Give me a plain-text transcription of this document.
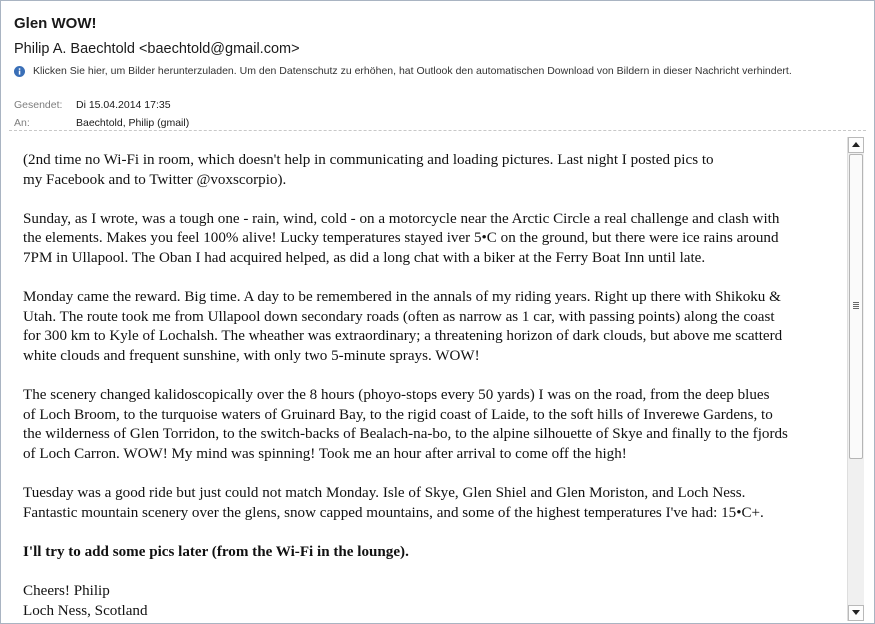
Glen WOW!
Philip A. Baechtold <baechtold@gmail.com>
Klicken Sie hier, um Bilder herunterzuladen. Um den Datenschutz zu erhöhen, hat Outlook den automatischen Download von Bildern in dieser Nachricht verhindert.
Gesendet: Di 15.04.2014 17:35
An:	Baechtold, Philip (gmail)
(2nd time no Wi-Fi in room, which doesn't help in communicating and loading pictures. Last night I posted pics to
my Facebook and to Twitter @voxscorpio).
Sunday, as I wrote, was a tough one - rain, wind, cold - on a motorcycle near the Arctic Circle a real challenge and clash with
the elements. Makes you feel 100% alive! Lucky temperatures stayed iver 5•C on the ground, but there were ice rains around
7PM in Ullapool. The Oban I had acquired helped, as did a long chat with a biker at the Ferry Boat Inn until late.
Monday came the reward. Big time. A day to be remembered in the annals of my riding years. Right up there with Shikoku &
Utah. The route took me from Ullapool down secondary roads (often as narrow as 1 car, with passing points) along the coast
for 300 km to Kyle of Lochalsh. The wheather was extraordinary; a threatening horizon of dark clouds, but above me scatterd
white clouds and frequent sunshine, with only two 5-minute sprays. WOW!
The scenery changed kalidoscopically over the 8 hours (phoyo-stops every 50 yards) I was on the road, from the deep blues
of Loch Broom, to the turquoise waters of Gruinard Bay, to the rigid coast of Laide, to the soft hills of Inverewe Gardens, to
the wilderness of Glen Torridon, to the switch-backs of Bealach-na-bo, to the alpine silhouette of Skye and finally to the fjords
of Loch Carron. WOW! My mind was spinning! Took me an hour after arrival to come off the high!
Tuesday was a good ride but just could not match Monday. Isle of Skye, Glen Shiel and Glen Moriston, and Loch Ness.
Fantastic mountain scenery over the glens, snow capped mountains, and some of the highest temperatures I've had: 15•C+.
I'll try to add some pics later (from the Wi-Fi in the lounge).
Cheers! Philip
Loch Ness, Scotland
